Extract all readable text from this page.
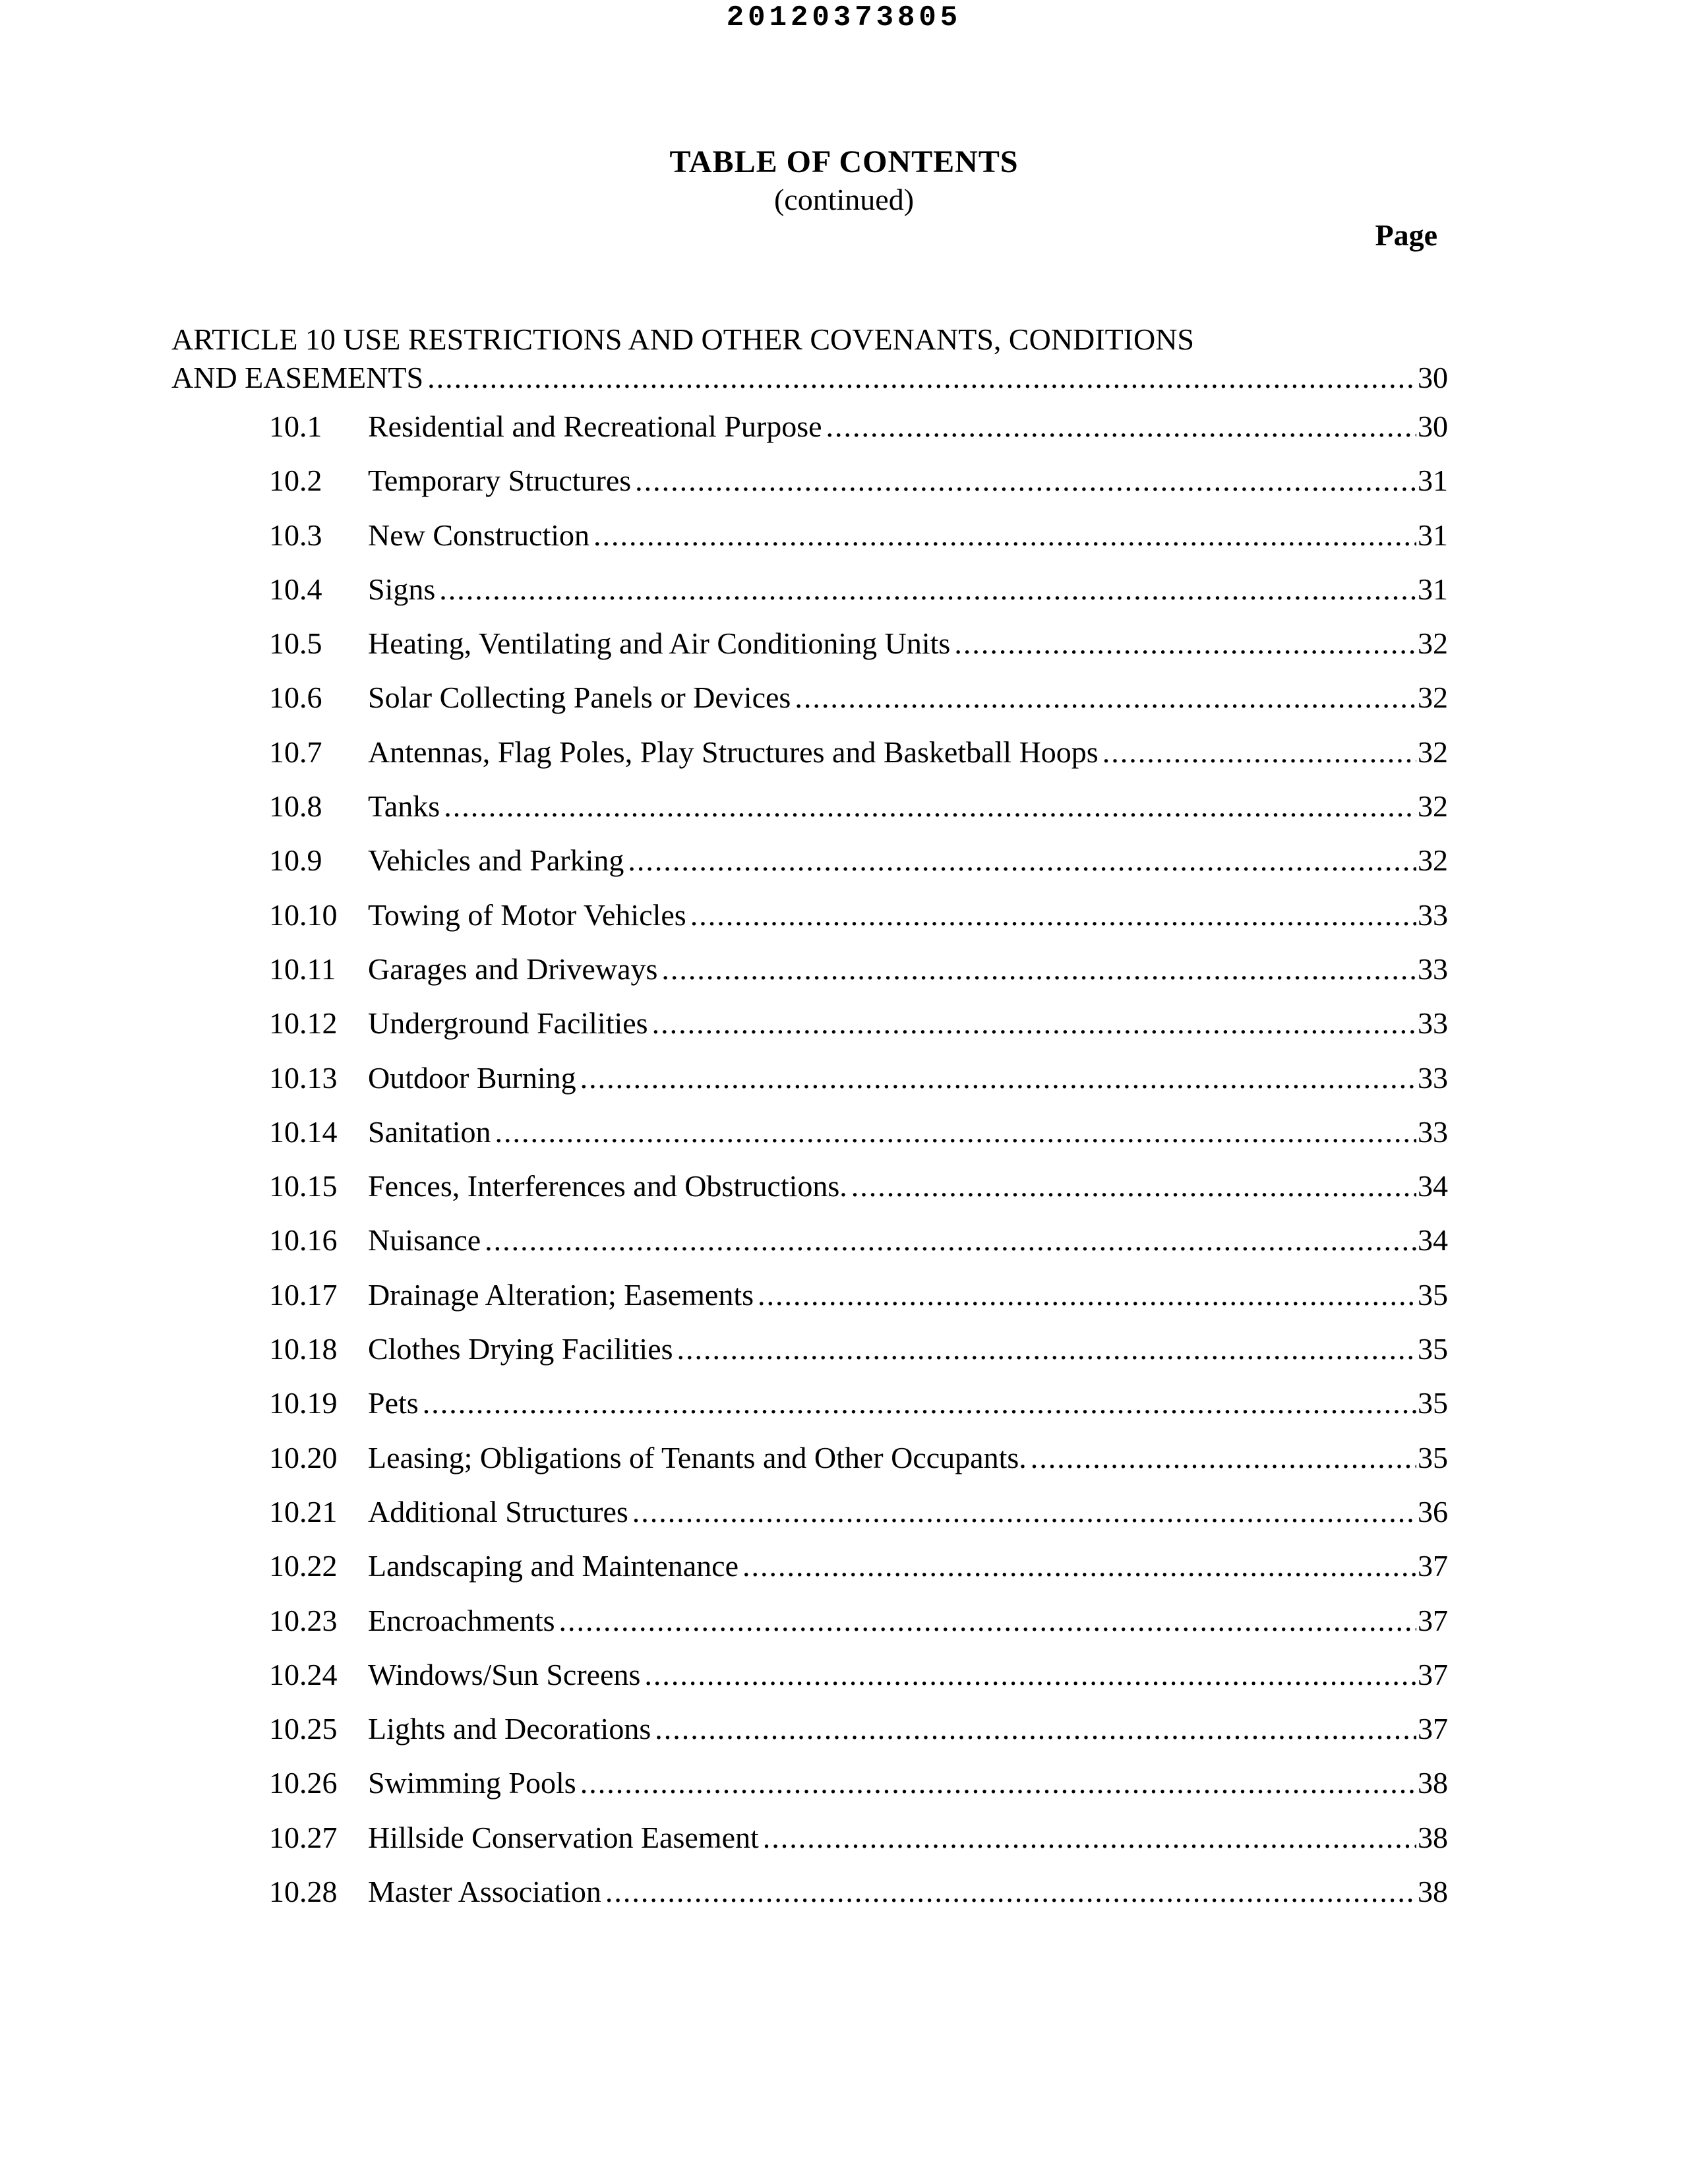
20120373805
TABLE OF CONTENTS
(continued)
Page
ARTICLE 10 USE RESTRICTIONS AND OTHER COVENANTS, CONDITIONS
AND EASEMENTS .....	30
10.1	Residential and Recreational Purpose .....	30
10.2	Temporary Structures .....	31
10.3	New Construction .....	31
10.4	Signs .....	31
10.5	Heating, Ventilating and Air Conditioning Units .....	32
10.6	Solar Collecting Panels or Devices .....	32
10.7	Antennas, Flag Poles, Play Structures and Basketball Hoops .....	32
10.8	Tanks .....	32
10.9	Vehicles and Parking .....	32
10.10	Towing of Motor Vehicles .....	33
10.11	Garages and Driveways .....	33
10.12	Underground Facilities .....	33
10.13	Outdoor Burning .....	33
10.14	Sanitation .....	33
10.15	Fences, Interferences and Obstructions. .....	34
10.16	Nuisance .....	34
10.17	Drainage Alteration; Easements .....	35
10.18	Clothes Drying Facilities .....	35
10.19	Pets .....	35
10.20	Leasing; Obligations of Tenants and Other Occupants. .....	35
10.21	Additional Structures .....	36
10.22	Landscaping and Maintenance .....	37
10.23	Encroachments .....	37
10.24	Windows/Sun Screens .....	37
10.25	Lights and Decorations .....	37
10.26	Swimming Pools .....	38
10.27	Hillside Conservation Easement .....	38
10.28	Master Association .....	38
